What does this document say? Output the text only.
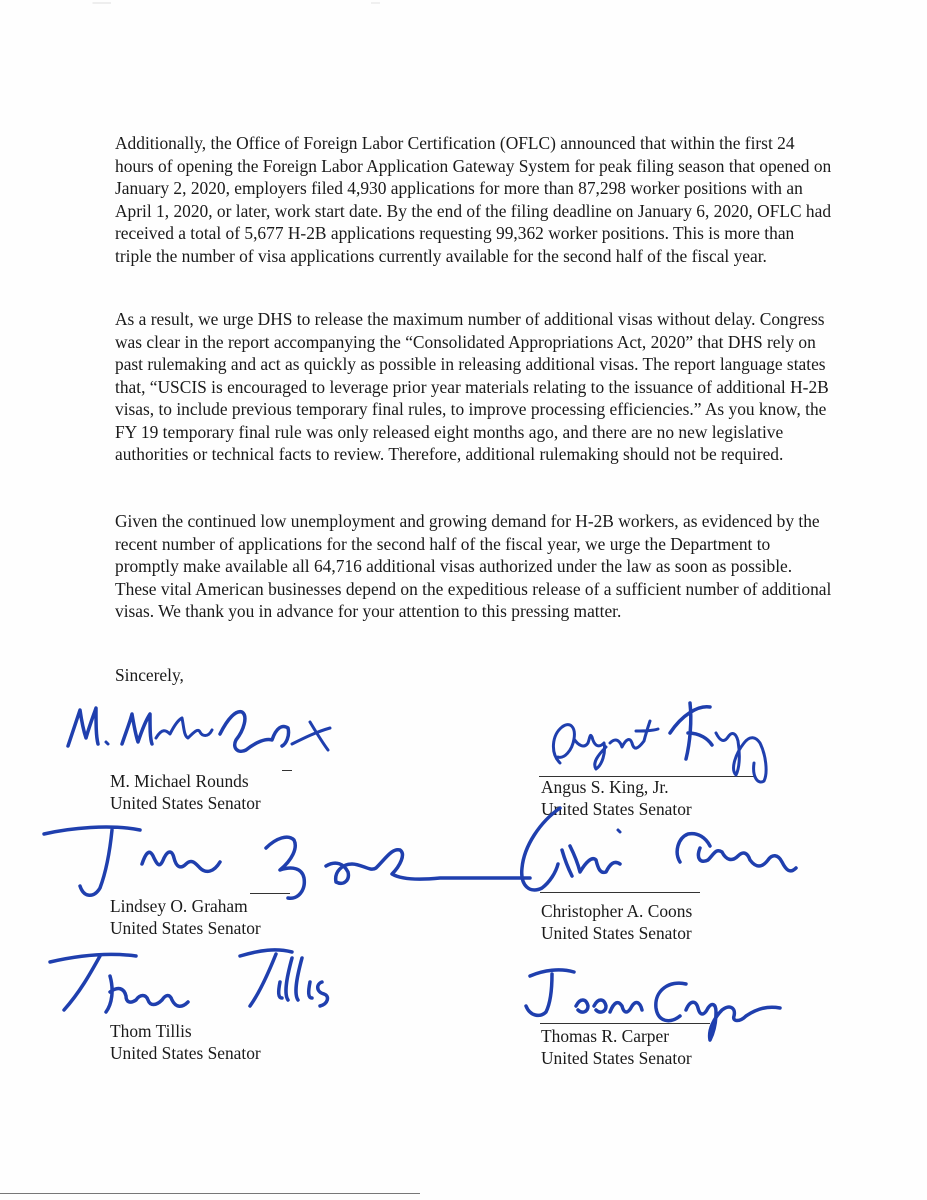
Additionally, the Office of Foreign Labor Certification (OFLC) announced that within the first 24 hours of opening the Foreign Labor Application Gateway System for peak filing season that opened on January 2, 2020, employers filed 4,930 applications for more than 87,298 worker positions with an April 1, 2020, or later, work start date. By the end of the filing deadline on January 6, 2020, OFLC had received a total of 5,677 H-2B applications requesting 99,362 worker positions. This is more than triple the number of visa applications currently available for the second half of the fiscal year.

As a result, we urge DHS to release the maximum number of additional visas without delay. Congress was clear in the report accompanying the “Consolidated Appropriations Act, 2020” that DHS rely on past rulemaking and act as quickly as possible in releasing additional visas. The report language states that, “USCIS is encouraged to leverage prior year materials relating to the issuance of additional H-2B visas, to include previous temporary final rules, to improve processing efficiencies.” As you know, the FY 19 temporary final rule was only released eight months ago, and there are no new legislative authorities or technical facts to review. Therefore, additional rulemaking should not be required.

Given the continued low unemployment and growing demand for H-2B workers, as evidenced by the recent number of applications for the second half of the fiscal year, we urge the Department to promptly make available all 64,716 additional visas authorized under the law as soon as possible. These vital American businesses depend on the expeditious release of a sufficient number of additional visas. We thank you in advance for your attention to this pressing matter.

Sincerely,
M. Michael Rounds
United States Senator
Angus S. King, Jr.
United States Senator
Lindsey O. Graham
United States Senator
Christopher A. Coons
United States Senator
Thom Tillis
United States Senator
Thomas R. Carper
United States Senator
